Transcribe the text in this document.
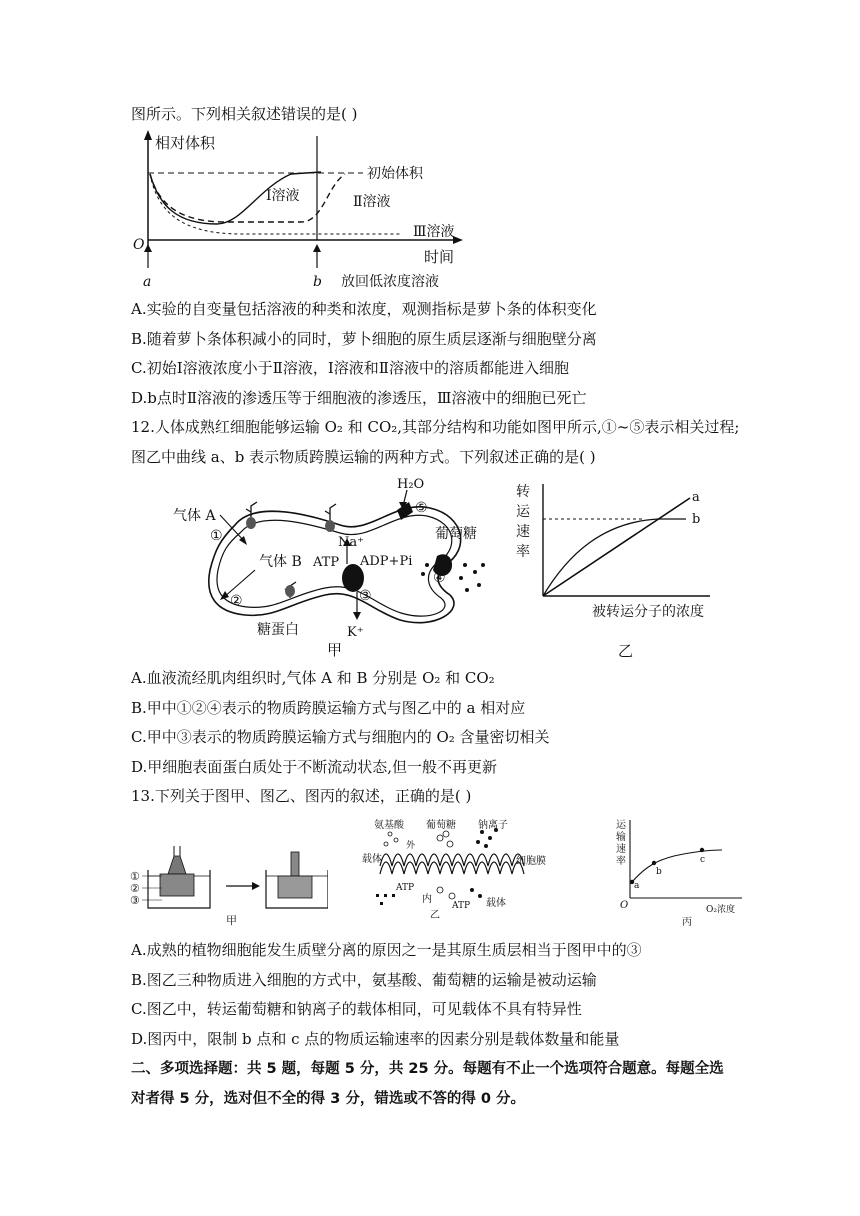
图所示。下列相关叙述错误的是( )
相对体积
O
时间
初始体积
Ⅰ溶液	Ⅱ溶液
Ⅲ溶液
a	b 放回低浓度溶液
A.实验的自变量包括溶液的种类和浓度，观测指标是萝卜条的体积变化
B.随着萝卜条体积减小的同时，萝卜细胞的原生质层逐渐与细胞壁分离
C.初始Ⅰ溶液浓度小于Ⅱ溶液，Ⅰ溶液和Ⅱ溶液中的溶质都能进入细胞
D.b点时Ⅱ溶液的渗透压等于细胞液的渗透压，Ⅲ溶液中的细胞已死亡
12.人体成熟红细胞能够运输 O₂ 和 CO₂,其部分结构和功能如图甲所示,①~⑤表示相关过程;
图乙中曲线 a、b 表示物质跨膜运输的两种方式。下列叙述正确的是( )
气体 A
①
气体 B ATP
Na⁺
ADP+Pi
H₂O
⑤
葡萄糖
④
③
K⁺
②
糖蛋白
甲
转
运
速
率
a
b
被转运分子的浓度
乙
A.血液流经肌肉组织时,气体 A 和 B 分别是 O₂ 和 CO₂
B.甲中①②④表示的物质跨膜运输方式与图乙中的 a 相对应
C.甲中③表示的物质跨膜运输方式与细胞内的 O₂ 含量密切相关
D.甲细胞表面蛋白质处于不断流动状态,但一般不再更新
13.下列关于图甲、图乙、图丙的叙述，正确的是( )
①
②
③
甲
氨基酸 葡萄糖 钠离子
载体
外
细胞膜
ATP
内
ATP 载体
乙
运
输
速
率
a
b
c
O	O₂浓度
丙
A.成熟的植物细胞能发生质壁分离的原因之一是其原生质层相当于图甲中的③
B.图乙三种物质进入细胞的方式中，氨基酸、葡萄糖的运输是被动运输
C.图乙中，转运葡萄糖和钠离子的载体相同，可见载体不具有特异性
D.图丙中，限制 b 点和 c 点的物质运输速率的因素分别是载体数量和能量
二、多项选择题：共 5 题，每题 5 分，共 25 分。每题有不止一个选项符合题意。每题全选
对者得 5 分，选对但不全的得 3 分，错选或不答的得 0 分。
